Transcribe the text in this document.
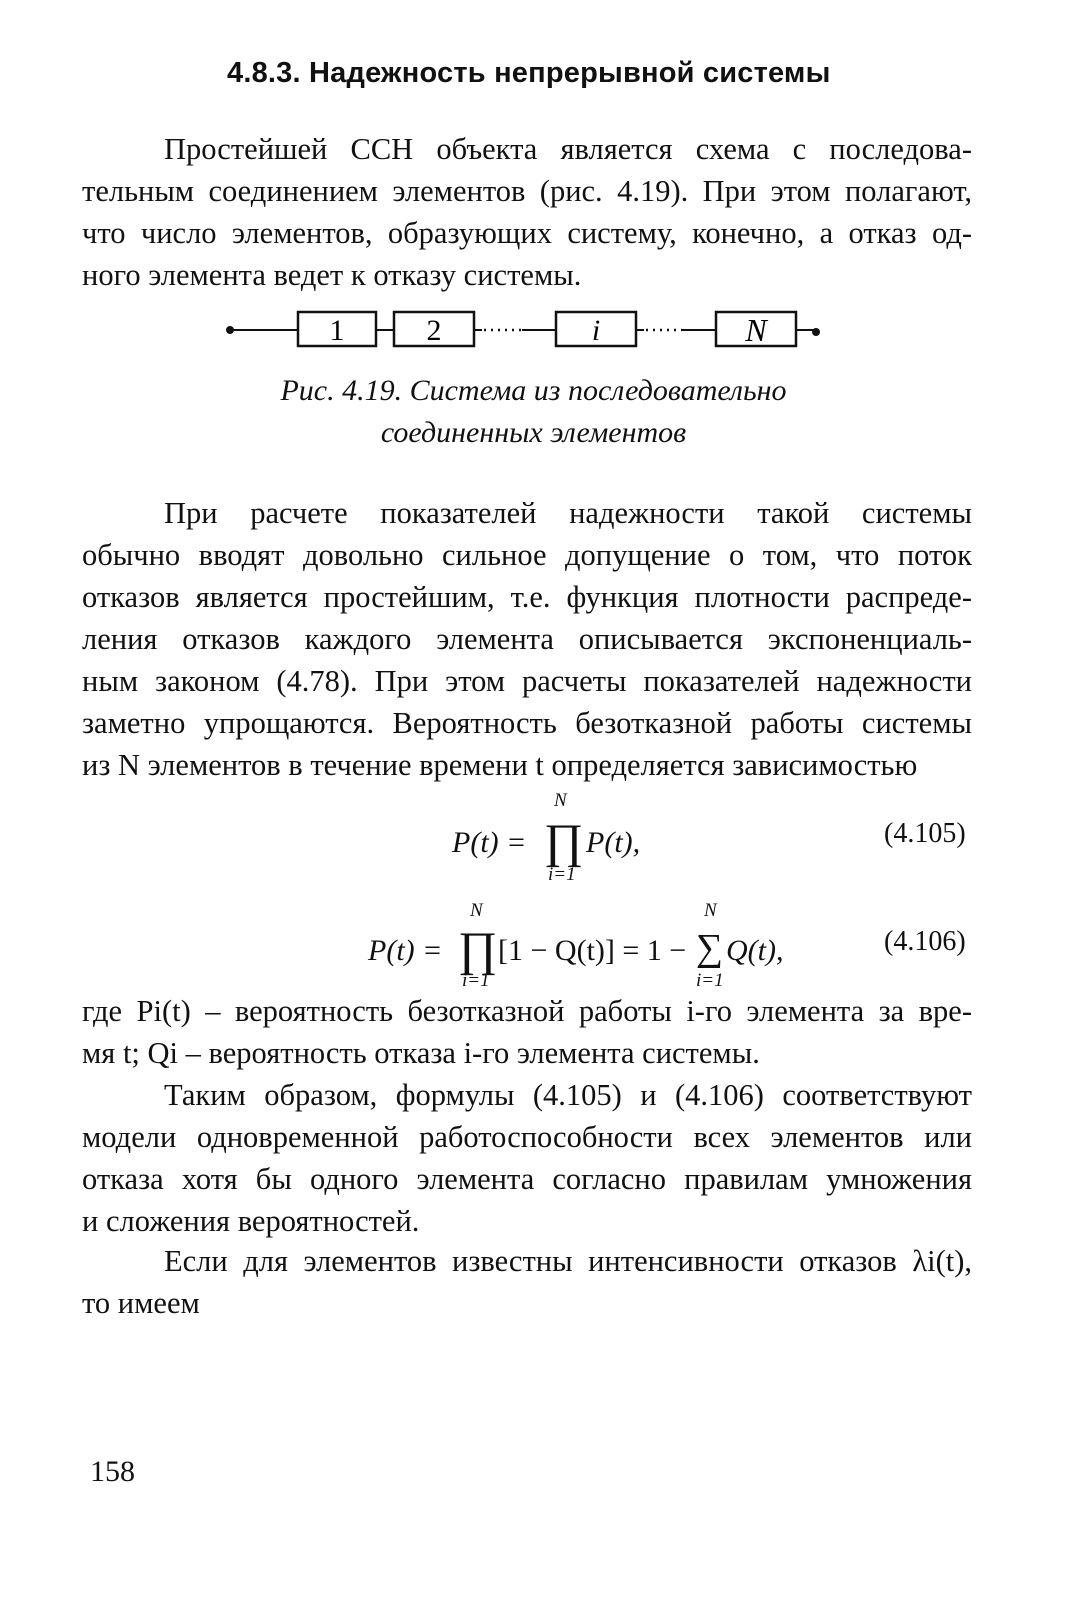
4.8.3. Надежность непрерывной системы
Простейшей ССН объекта является схема с последова-
тельным соединением элементов (рис. 4.19). При этом полагают,
что число элементов, образующих систему, конечно, а отказ од-
ного элемента ведет к отказу системы.
1	2	i	N
Рис. 4.19. Система из последовательно
соединенных элементов
При расчете показателей надежности такой системы
обычно вводят довольно сильное допущение о том, что поток
отказов является простейшим, т.е. функция плотности распреде-
ления отказов каждого элемента описывается экспоненциаль-
ным законом (4.78). При этом расчеты показателей надежности
заметно упрощаются. Вероятность безотказной работы системы
из N элементов в течение времени t определяется зависимостью
P(t) =
N
∏
i=1
P(t),	(4.105)
P(t) =
N
∏
i=1
[1 − Q(t)] = 1 −
N
∑
i=1
Q(t),	(4.106)
где Pi(t) – вероятность безотказной работы i-го элемента за вре-
мя t; Qi – вероятность отказа i-го элемента системы.
Таким образом, формулы (4.105) и (4.106) соответствуют
модели одновременной работоспособности всех элементов или
отказа хотя бы одного элемента согласно правилам умножения
и сложения вероятностей.
Если для элементов известны интенсивности отказов λi(t),
то имеем
158
